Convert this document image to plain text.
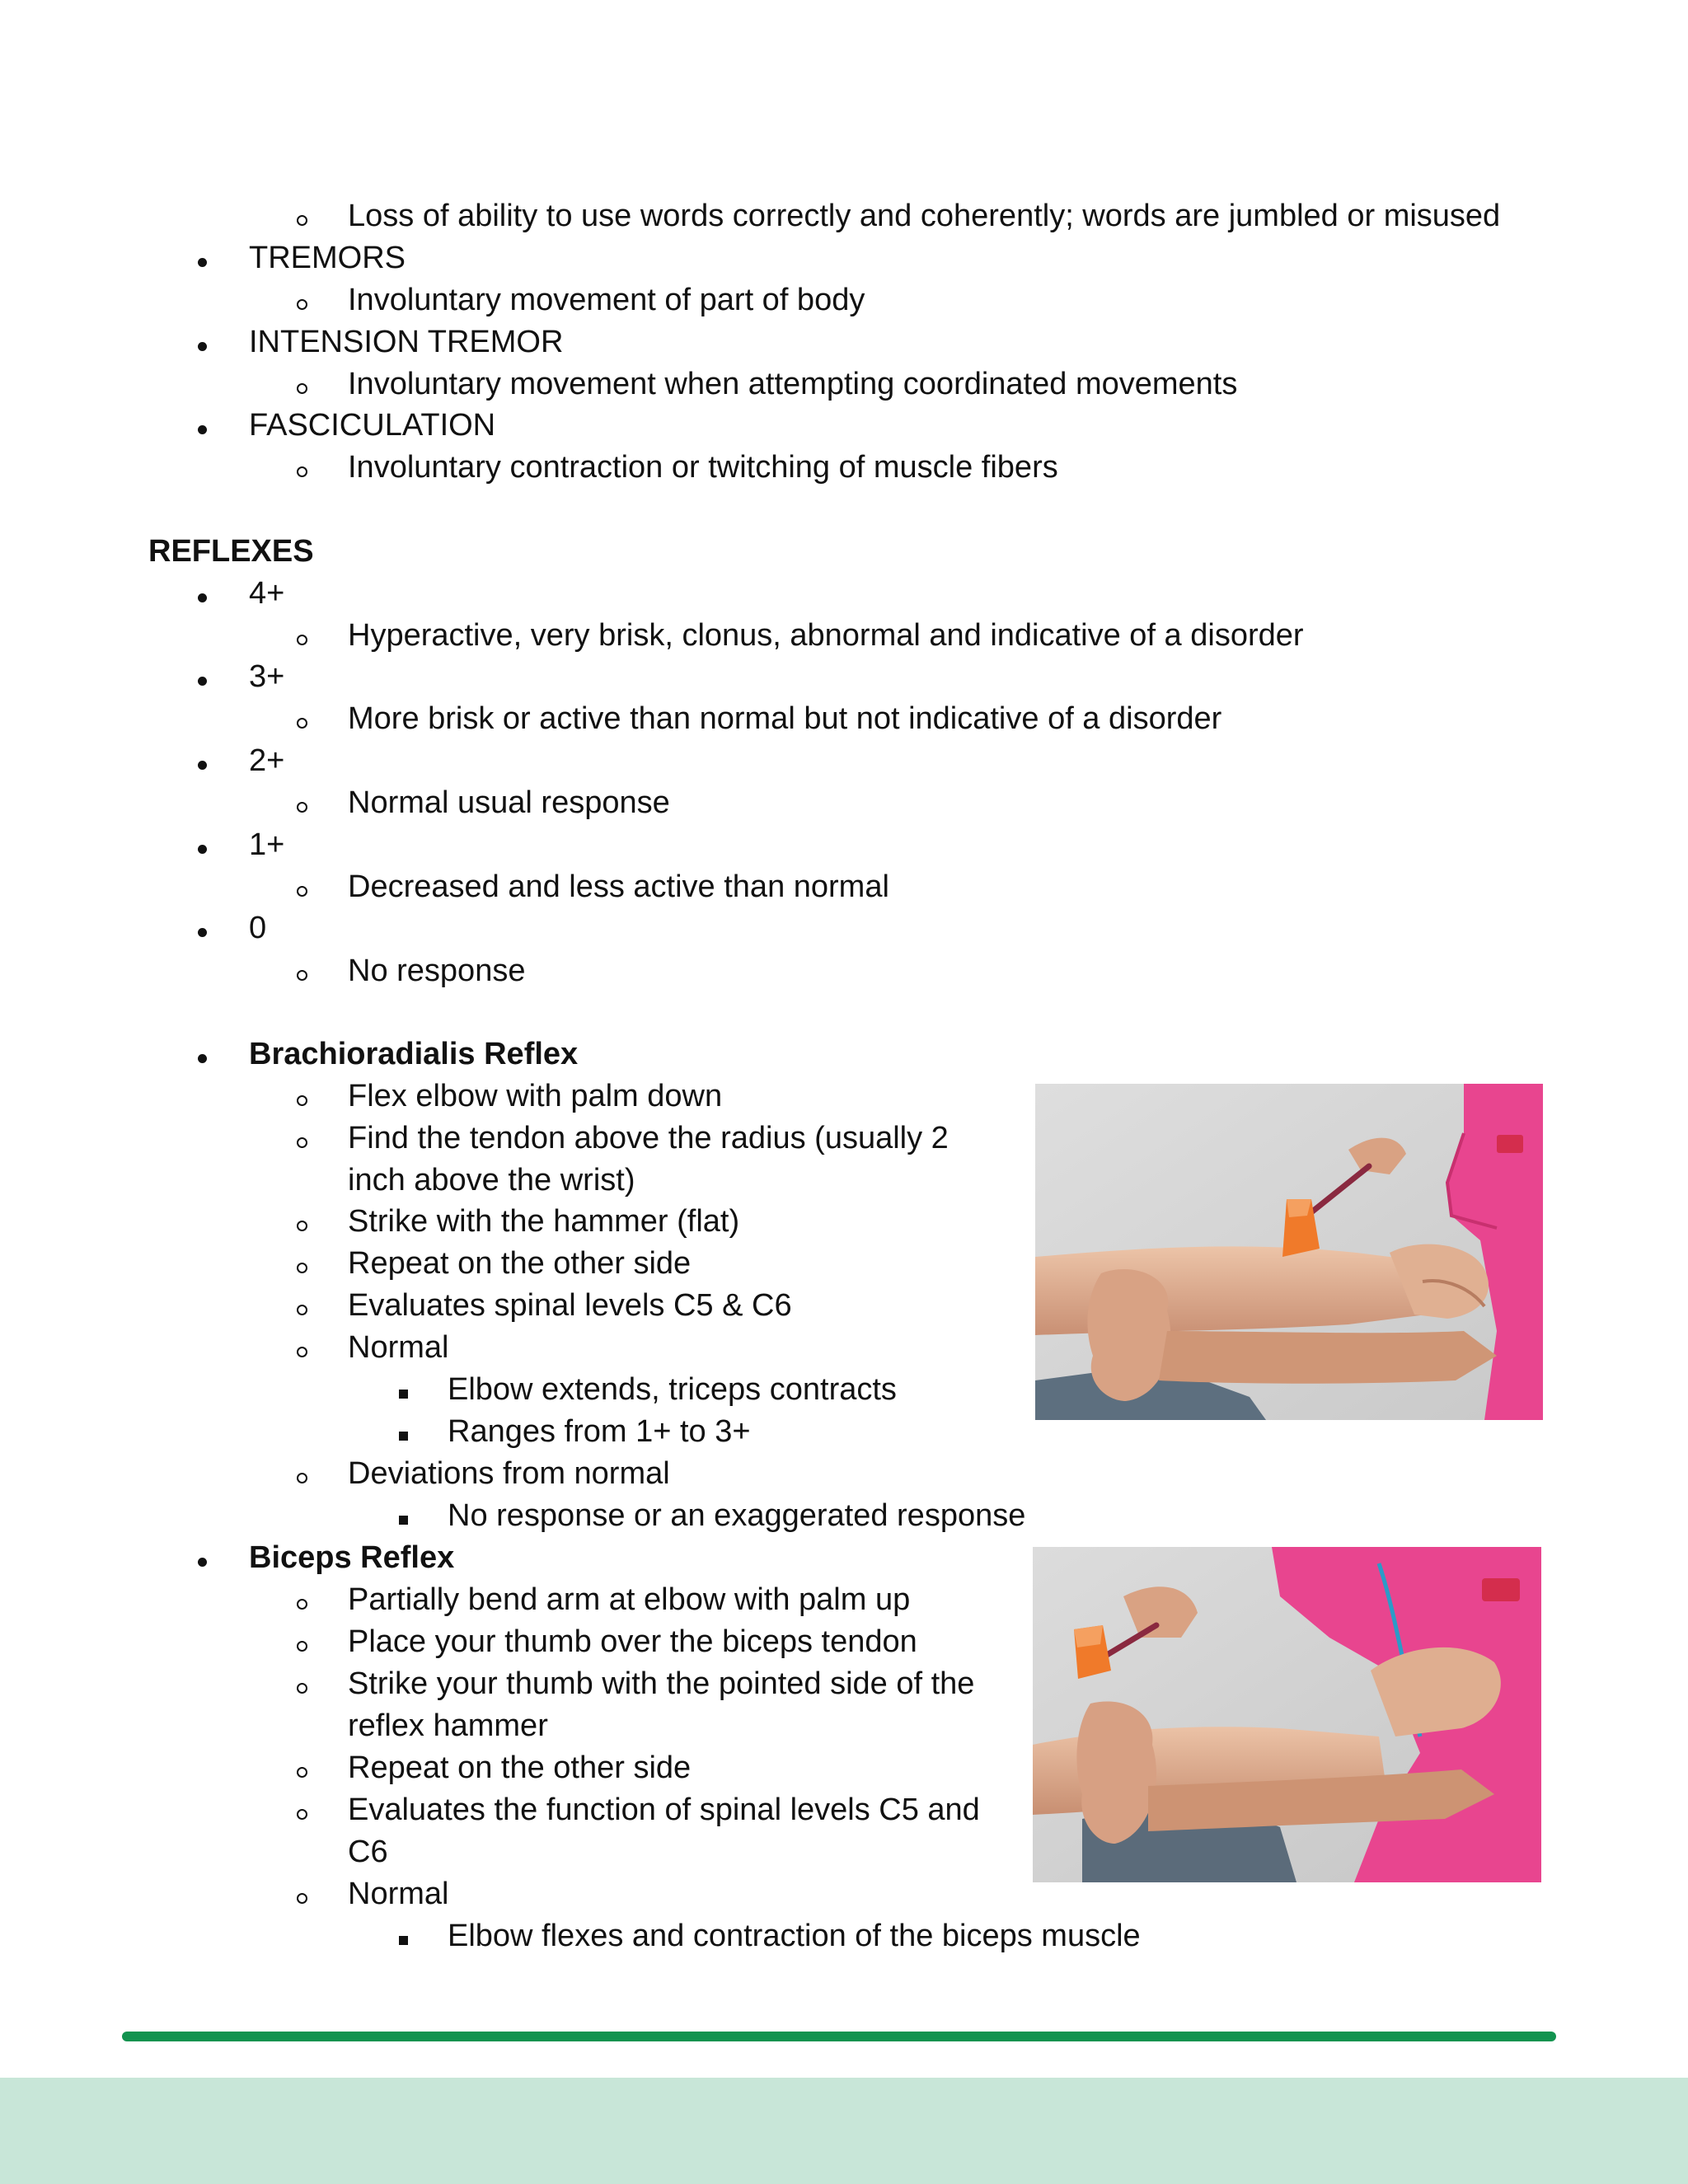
Loss of ability to use words correctly and coherently; words are jumbled or misused
TREMORS
Involuntary movement of part of body
INTENSION TREMOR
Involuntary movement when attempting coordinated movements
FASCICULATION
Involuntary contraction or twitching of muscle fibers
REFLEXES
4+
Hyperactive, very brisk, clonus, abnormal and indicative of a disorder
3+
More brisk or active than normal but not indicative of a disorder
2+
Normal usual response
1+
Decreased and less active than normal
0
No response
Brachioradialis Reflex
Flex elbow with palm down
Find the tendon above the radius (usually 2
inch above the wrist)
Strike with the hammer (flat)
Repeat on the other side
Evaluates spinal levels C5 & C6
Normal
Elbow extends, triceps contracts
Ranges from 1+ to 3+
Deviations from normal
No response or an exaggerated response
Biceps Reflex
Partially bend arm at elbow with palm up
Place your thumb over the biceps tendon
Strike your thumb with the pointed side of the
reflex hammer
Repeat on the other side
Evaluates the function of spinal levels C5 and
C6
Normal
Elbow flexes and contraction of the biceps muscle
